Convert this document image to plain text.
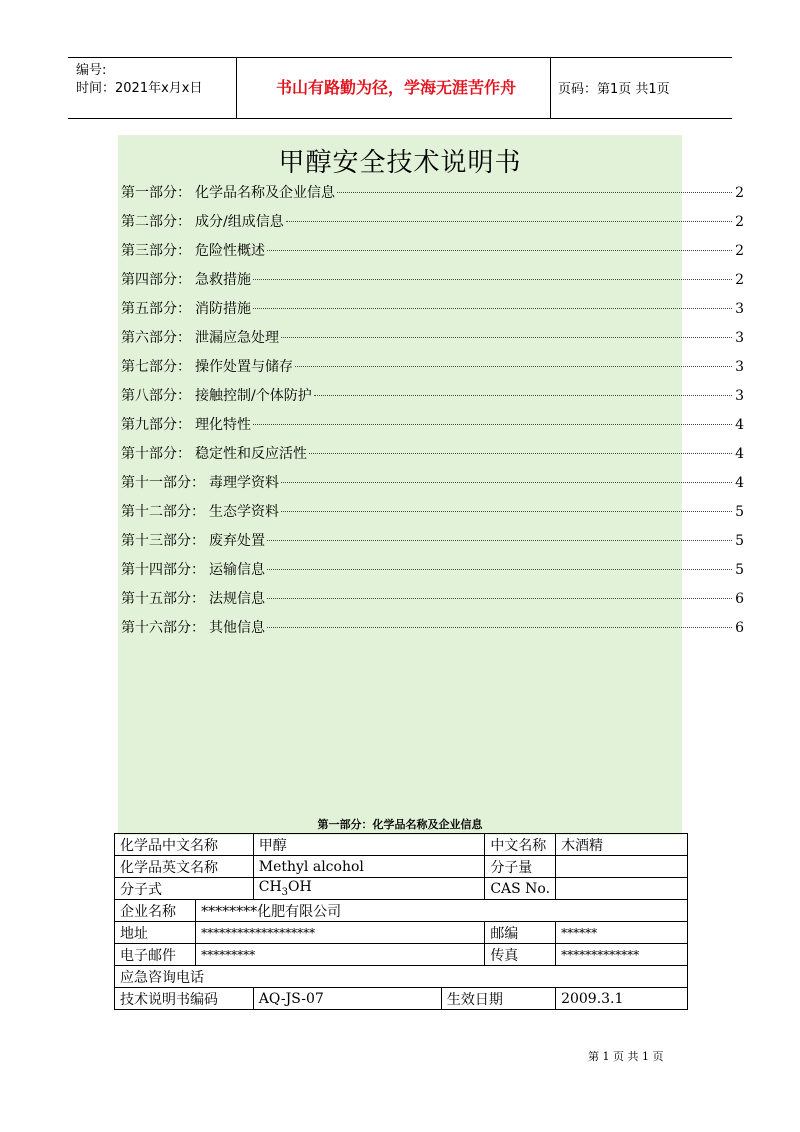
编号:
时间：2021年x月x日	书山有路勤为径，学海无涯苦作舟	页码：第1页 共1页
甲醇安全技术说明书
第一部分： 化学品名称及企业信息	2
第二部分： 成分/组成信息	2
第三部分： 危险性概述	2
第四部分： 急救措施	2
第五部分： 消防措施	3
第六部分： 泄漏应急处理	3
第七部分： 操作处置与储存	3
第八部分： 接触控制/个体防护	3
第九部分： 理化特性	4
第十部分： 稳定性和反应活性	4
第十一部分： 毒理学资料	4
第十二部分： 生态学资料	5
第十三部分： 废弃处置	5
第十四部分： 运输信息	5
第十五部分： 法规信息	6
第十六部分： 其他信息	6
第一部分：化学品名称及企业信息
化学品中文名称		甲醇		中文名称	木酒精
化学品英文名称		Methyl alcohol		分子量	
分子式		$CH_3OH$		CAS No.	
企业名称	********化肥有限公司				
地址	*******************			邮编	******
电子邮件	*********			传真	*************
应急咨询电话					
技术说明书编码		AQ-JS-07	生效日期		2009.3.1
第 1 页 共 1 页
